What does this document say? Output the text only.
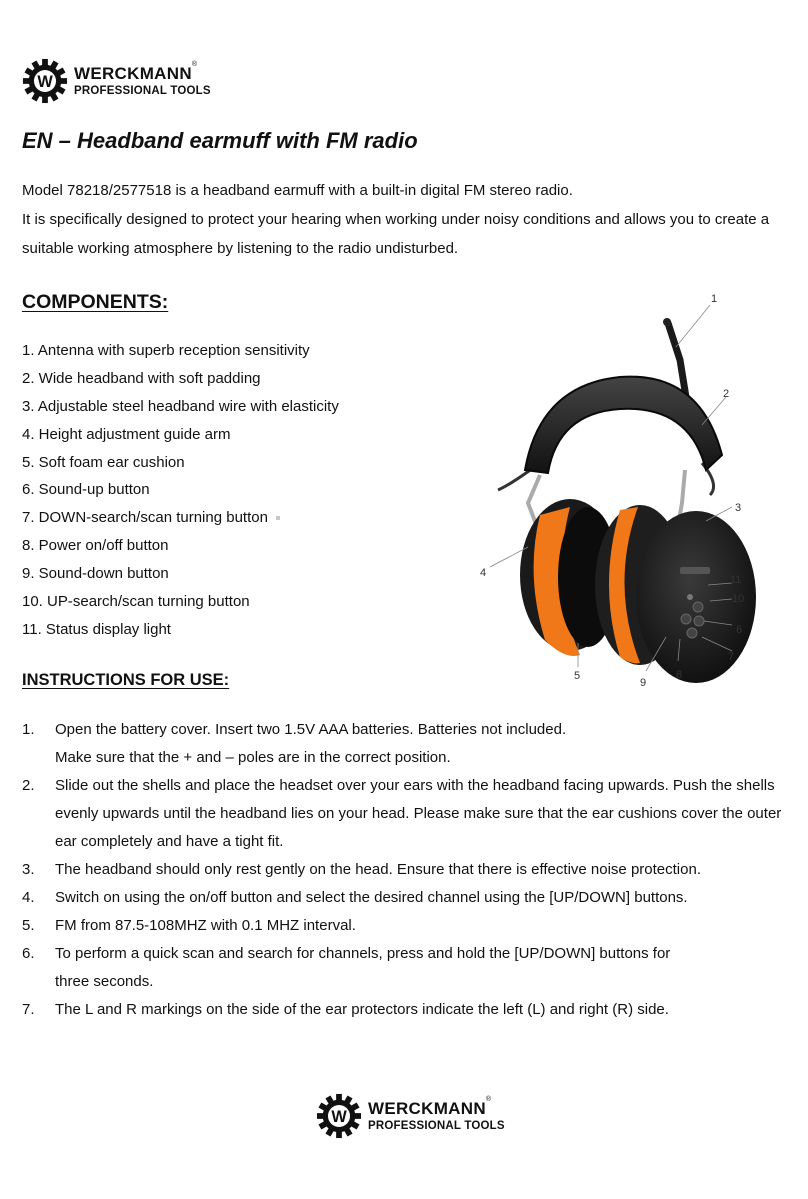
W WERCKMANN ®
PROFESSIONAL TOOLS
EN – Headband earmuff with FM radio

Model 78218/2577518 is a headband earmuff with a built-in digital FM stereo radio.

It is specifically designed to protect your hearing when working under noisy conditions and allows you to create a suitable working atmosphere by listening to the radio undisturbed.

COMPONENTS:
1. Antenna with superb reception sensitivity
2. Wide headband with soft padding
3. Adjustable steel headband wire with elasticity
4. Height adjustment guide arm
5. Soft foam ear cushion
6. Sound-up button
7. DOWN-search/scan turning button
8. Power on/off button
9. Sound-down button
10. UP-search/scan turning button
11. Status display light
1
2
3
4
5
6
7
8
9
10
11
INSTRUCTIONS FOR USE:
1.	Open the battery cover. Insert two 1.5V AAA batteries. Batteries not included.
Make sure that the + and – poles are in the correct position.
2.	Slide out the shells and place the headset over your ears with the headband facing upwards. Push the shells evenly upwards until the headband lies on your head. Please make sure that the ear cushions cover the outer ear completely and have a tight fit.
3.	The headband should only rest gently on the head. Ensure that there is effective noise protection.
4.	Switch on using the on/off button and select the desired channel using the [UP/DOWN] buttons.
5.	FM from 87.5-108MHZ with 0.1 MHZ interval.
6.	To perform a quick scan and search for channels, press and hold the [UP/DOWN] buttons for
three seconds.
7.	The L and R markings on the side of the ear protectors indicate the left (L) and right (R) side.
W WERCKMANN ®
PROFESSIONAL TOOLS
